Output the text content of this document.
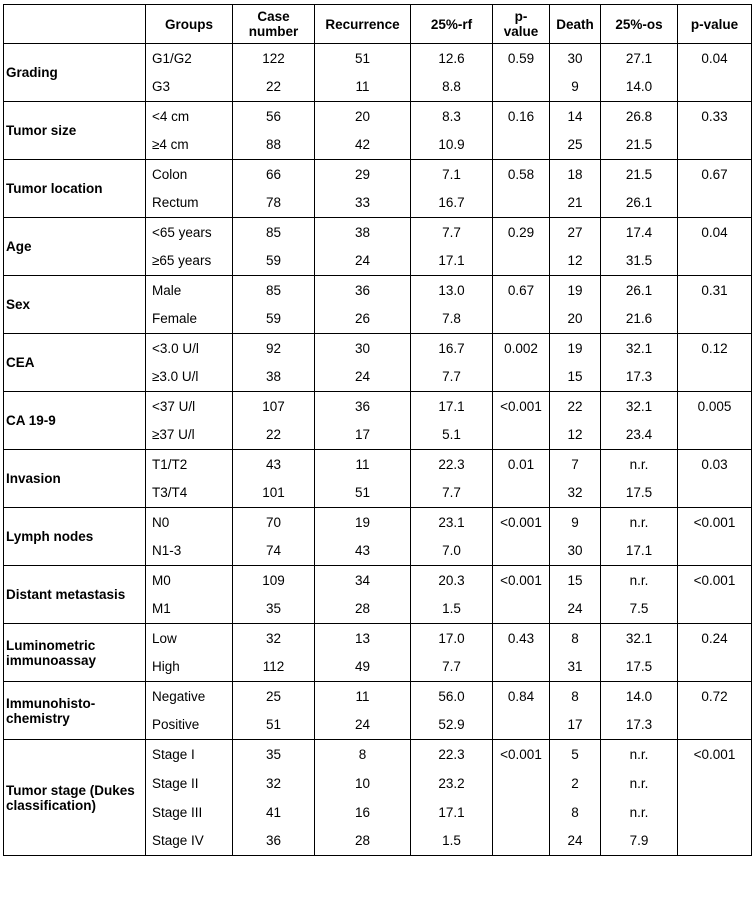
	Groups	Case number	Recurrence	25%-rf	p-value	Death	25%-os	p-value
Grading	G1/G2	122	51	12.6	0.59	30	27.1	0.04
	G3	22	11	8.8		9	14.0	
Tumor size	<4 cm	56	20	8.3	0.16	14	26.8	0.33
	≥4 cm	88	42	10.9		25	21.5	
Tumor location	Colon	66	29	7.1	0.58	18	21.5	0.67
	Rectum	78	33	16.7		21	26.1	
Age	<65 years	85	38	7.7	0.29	27	17.4	0.04
	≥65 years	59	24	17.1		12	31.5	
Sex	Male	85	36	13.0	0.67	19	26.1	0.31
	Female	59	26	7.8		20	21.6	
CEA	<3.0 U/l	92	30	16.7	0.002	19	32.1	0.12
	≥3.0 U/l	38	24	7.7		15	17.3	
CA 19-9	<37 U/l	107	36	17.1	<0.001	22	32.1	0.005
	≥37 U/l	22	17	5.1		12	23.4	
Invasion	T1/T2	43	11	22.3	0.01	7	n.r.	0.03
	T3/T4	101	51	7.7		32	17.5	
Lymph nodes	N0	70	19	23.1	<0.001	9	n.r.	<0.001
	N1-3	74	43	7.0		30	17.1	
Distant metastasis	M0	109	34	20.3	<0.001	15	n.r.	<0.001
	M1	35	28	1.5		24	7.5	
Luminometric immunoassay	Low	32	13	17.0	0.43	8	32.1	0.24
	High	112	49	7.7		31	17.5	
Immunohisto-chemistry	Negative	25	11	56.0	0.84	8	14.0	0.72
	Positive	51	24	52.9		17	17.3	
Tumor stage (Dukes classification)	Stage I	35	8	22.3	<0.001	5	n.r.	<0.001
	Stage II	32	10	23.2		2	n.r.	
	Stage III	41	16	17.1		8	n.r.	
	Stage IV	36	28	1.5		24	7.9	
